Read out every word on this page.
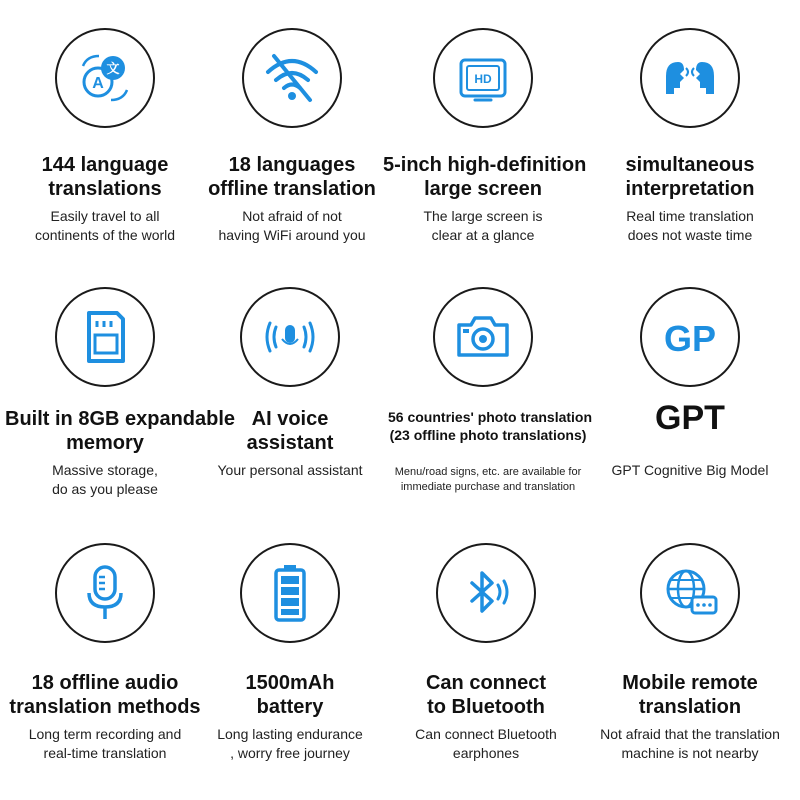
A
文
144 language
translations
Easily travel to all
continents of the world
18 languages
offline translation
Not afraid of not
having WiFi around you
HD
5-inch high-definition
large screen
The large screen is
clear at a glance
simultaneous
interpretation
Real time translation
does not waste time
Built in 8GB expandable
memory
Massive storage,
do as you please
AI voice
assistant
Your personal assistant
56 countries' photo translation
(23 offline photo translations)
Menu/road signs, etc. are available for
immediate purchase and translation
GP
GPT
GPT Cognitive Big Model
18 offline audio
translation methods
Long term recording and
real-time translation
1500mAh
battery
Long lasting endurance
, worry free journey
Can connect
to Bluetooth
Can connect Bluetooth
earphones
Mobile remote
translation
Not afraid that the translation
machine is not nearby
